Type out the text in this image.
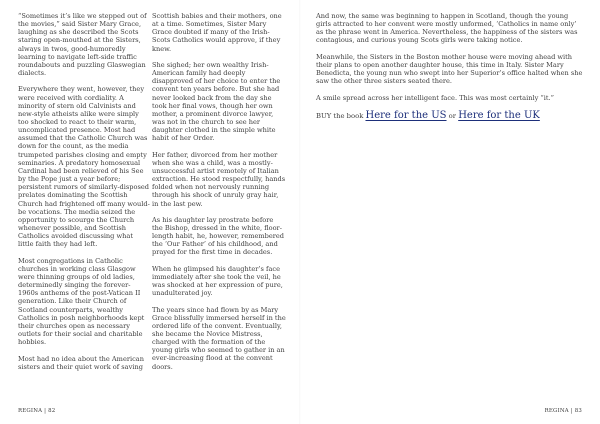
“Sometimes it’s like we stepped out of the movies,” said Sister Mary Grace, laughing as she described the Scots staring open-mouthed at the Sisters, always in twos, good-humoredly learning to navigate left-side traffic roundabouts and puzzling Glaswegian dialects.

Everywhere they went, however, they were received with cordiality. A minority of stern old Calvinists and new-style atheists alike were simply too shocked to react to their warm, uncomplicated presence. Most had assumed that the Catholic Church was down for the count, as the media trumpeted parishes closing and empty seminaries. A predatory homosexual Cardinal had been relieved of his See by the Pope just a year before; persistent rumors of similarly-disposed prelates dominating the Scottish Church had frightened off many would-be vocations. The media seized the opportunity to scourge the Church whenever possible, and Scottish Catholics avoided discussing what little faith they had left.

Most congregations in Catholic churches in working class Glasgow were thinning groups of old ladies, determinedly singing the forever-1960s anthems of the post-Vatican II generation. Like their Church of Scotland counterparts, wealthy Catholics in posh neighborhoods kept their churches open as necessary outlets for their social and charitable hobbies.

Most had no idea about the American sisters and their quiet work of saving

Scottish babies and their mothers, one at a time. Sometimes, Sister Mary Grace doubted if many of the Irish-Scots Catholics would approve, if they knew.

She sighed; her own wealthy Irish-American family had deeply disapproved of her choice to enter the convent ten years before. But she had never looked back from the day she took her final vows, though her own mother, a prominent divorce lawyer, was not in the church to see her daughter clothed in the simple white habit of her Order.

Her father, divorced from her mother when she was a child, was a mostly-unsuccessful artist remotely of Italian extraction. He stood respectfully, hands folded when not nervously running through his shock of unruly gray hair, in the last pew.

As his daughter lay prostrate before the Bishop, dressed in the white, floor-length habit, he, however, remembered the ‘Our Father’ of his childhood, and prayed for the first time in decades.

When he glimpsed his daughter’s face immediately after she took the veil, he was shocked at her expression of pure, unadulterated joy.

The years since had flown by as Mary Grace blissfully immersed herself in the ordered life of the convent. Eventually, she became the Novice Mistress, charged with the formation of the young girls who seemed to gather in an ever-increasing flood at the convent doors.

And now, the same was beginning to happen in Scotland, though the young girls attracted to her convent were mostly unformed, ‘Catholics in name only’ as the phrase went in America. Nevertheless, the happiness of the sisters was contagious, and curious young Scots girls were taking notice.

Meanwhile, the Sisters in the Boston mother house were moving ahead with their plans to open another daughter house, this time in Italy. Sister Mary Benedicta, the young nun who swept into her Superior’s office halted when she saw the other three sisters seated there.

A smile spread across her intelligent face. This was most certainly “it.”

BUY the book Here for the US or Here for the UK

REGINA | 82	REGINA | 83
